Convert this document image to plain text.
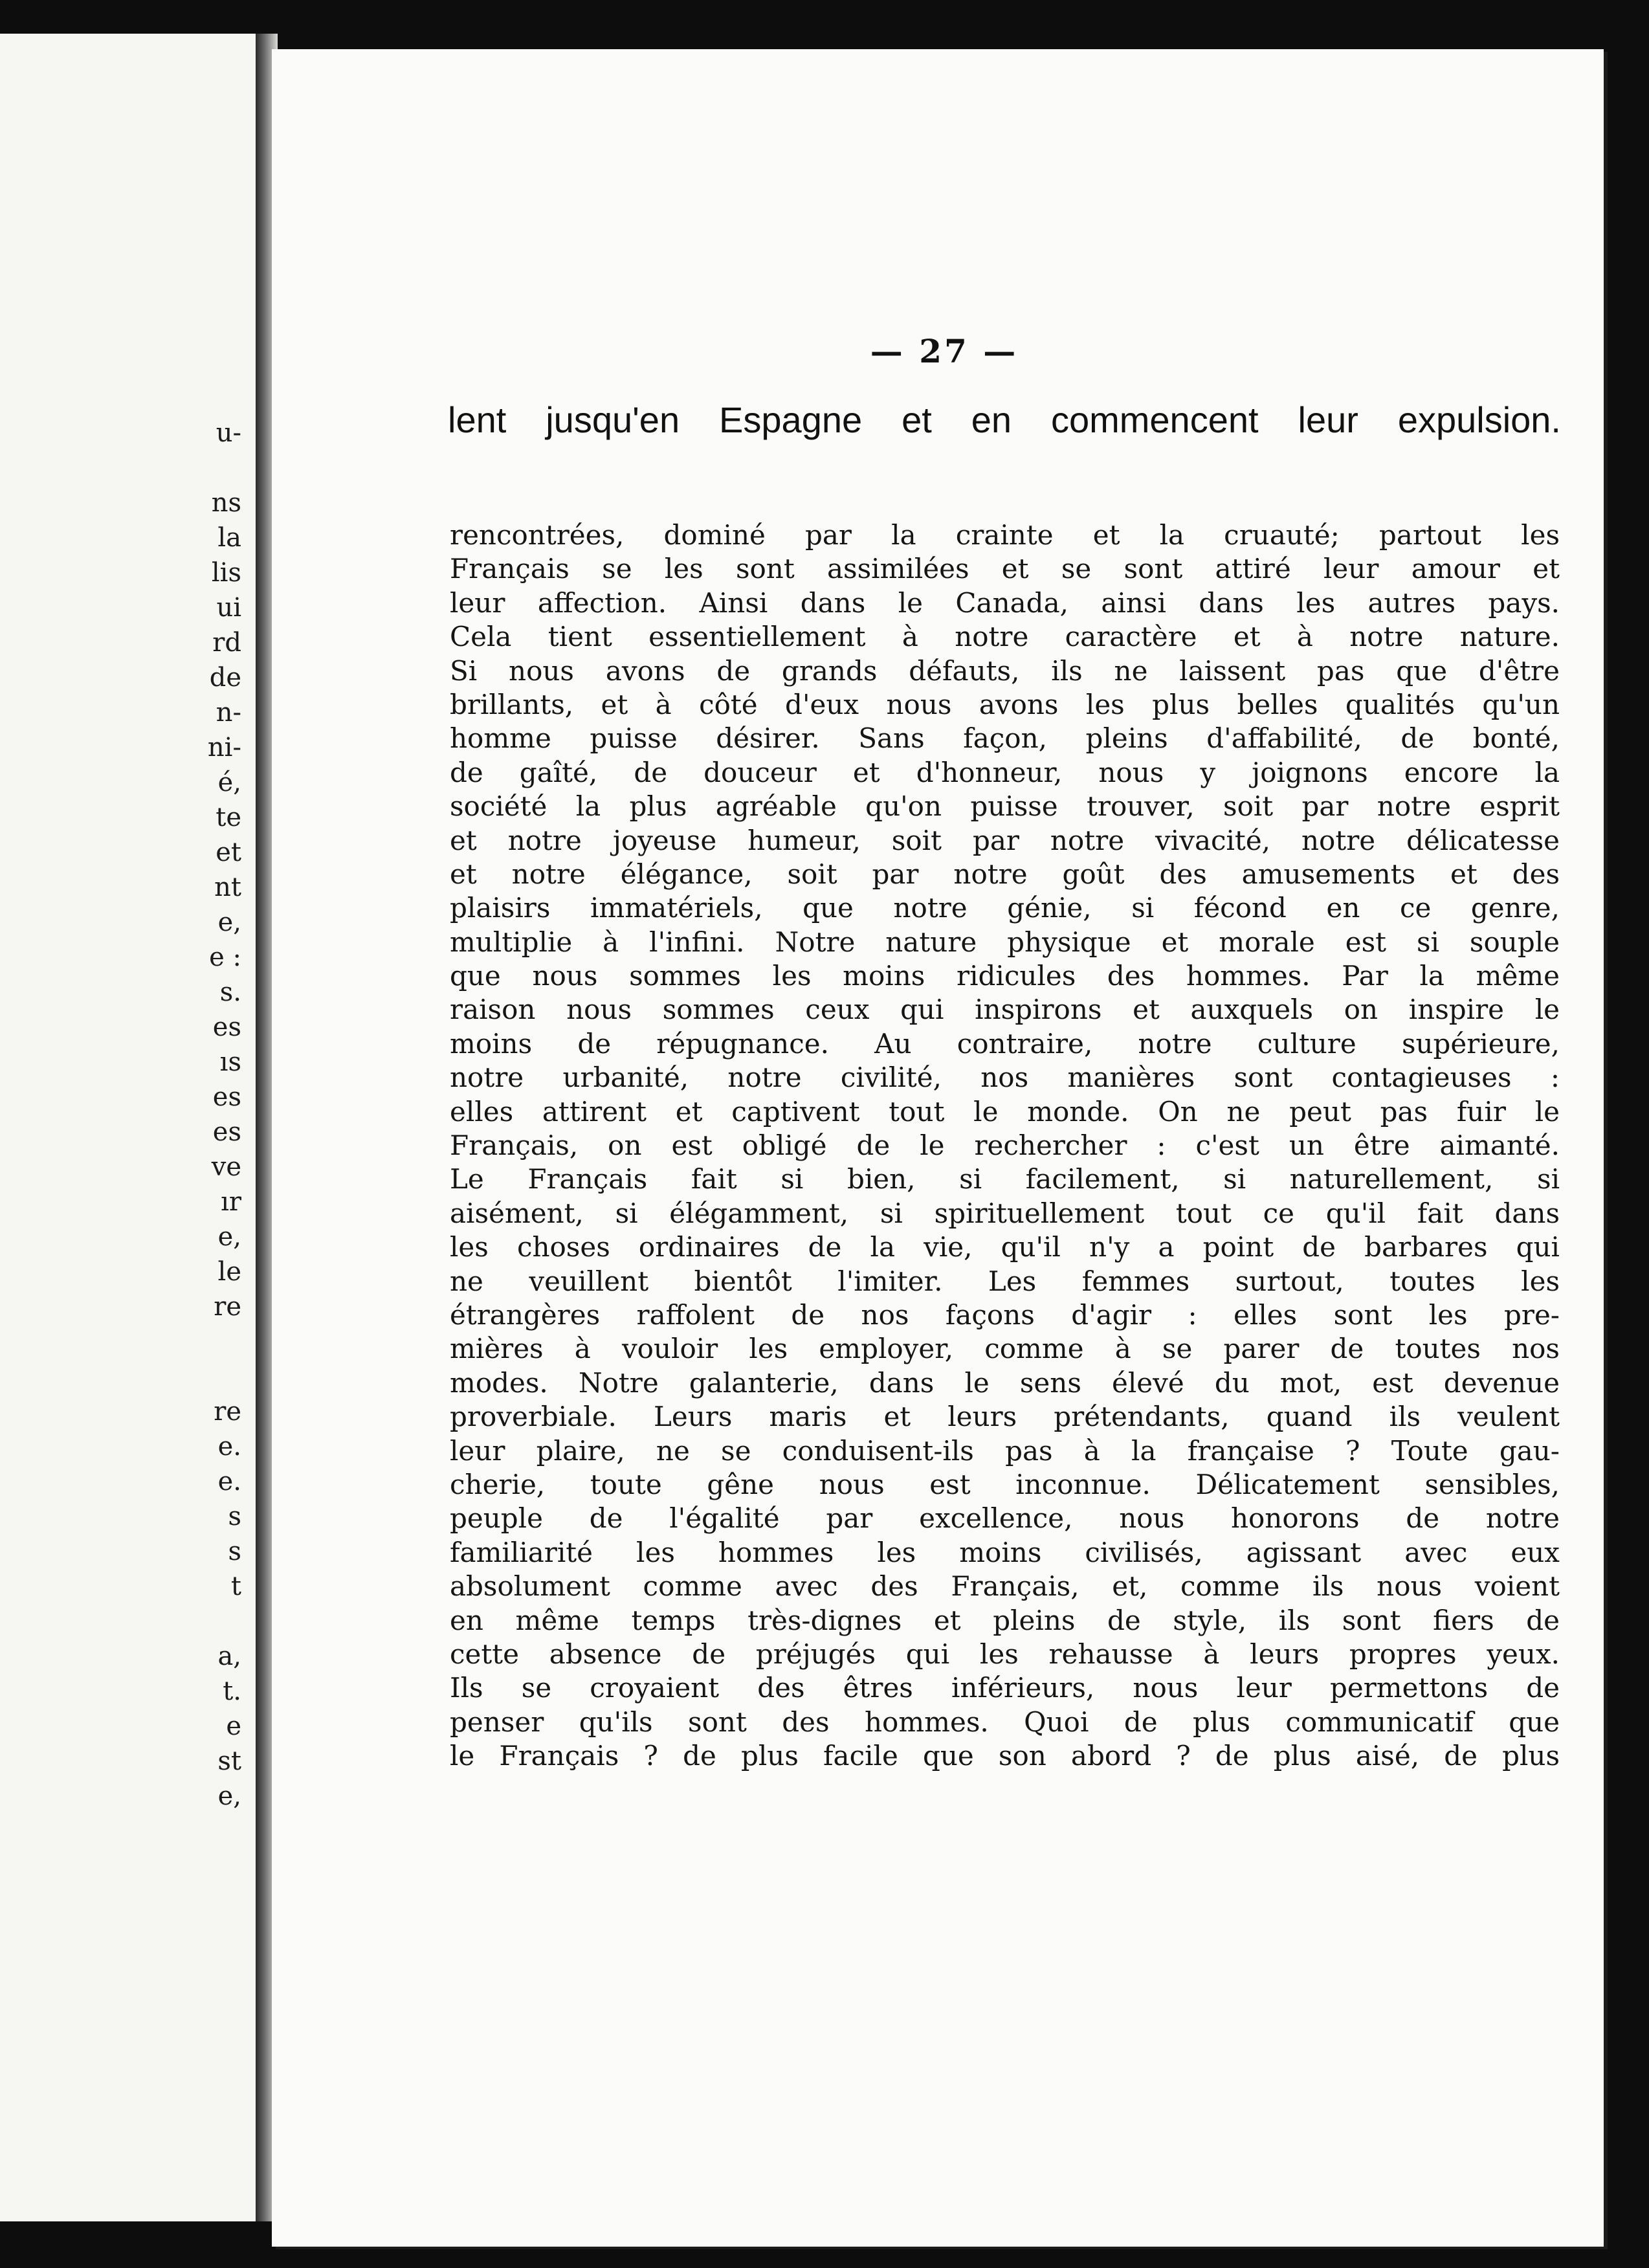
u-
ns
la
lis
ui
rd
de
n-
ni-
é,
te
et
nt
e,
e :
s.
es
ıs
es
es
ve
ır
e,
le
re
re
e.
e.
s
s
t
a,
t.
e
st
e,
— 27 —
lent jusqu'en Espagne et en commencent leur expulsion.
rencontrées, dominé par la crainte et la cruauté; partout les
Français se les sont assimilées et se sont attiré leur amour et
leur affection. Ainsi dans le Canada, ainsi dans les autres pays.
Cela tient essentiellement à notre caractère et à notre nature.
Si nous avons de grands défauts, ils ne laissent pas que d'être
brillants, et à côté d'eux nous avons les plus belles qualités qu'un
homme puisse désirer. Sans façon, pleins d'affabilité, de bonté,
de gaîté, de douceur et d'honneur, nous y joignons encore la
société la plus agréable qu'on puisse trouver, soit par notre esprit
et notre joyeuse humeur, soit par notre vivacité, notre délicatesse
et notre élégance, soit par notre goût des amusements et des
plaisirs immatériels, que notre génie, si fécond en ce genre,
multiplie à l'infini. Notre nature physique et morale est si souple
que nous sommes les moins ridicules des hommes. Par la même
raison nous sommes ceux qui inspirons et auxquels on inspire le
moins de répugnance. Au contraire, notre culture supérieure,
notre urbanité, notre civilité, nos manières sont contagieuses :
elles attirent et captivent tout le monde. On ne peut pas fuir le
Français, on est obligé de le rechercher : c'est un être aimanté.
Le Français fait si bien, si facilement, si naturellement, si
aisément, si élégamment, si spirituellement tout ce qu'il fait dans
les choses ordinaires de la vie, qu'il n'y a point de barbares qui
ne veuillent bientôt l'imiter. Les femmes surtout, toutes les
étrangères raffolent de nos façons d'agir : elles sont les pre-
mières à vouloir les employer, comme à se parer de toutes nos
modes. Notre galanterie, dans le sens élevé du mot, est devenue
proverbiale. Leurs maris et leurs prétendants, quand ils veulent
leur plaire, ne se conduisent-ils pas à la française ? Toute gau-
cherie, toute gêne nous est inconnue. Délicatement sensibles,
peuple de l'égalité par excellence, nous honorons de notre
familiarité les hommes les moins civilisés, agissant avec eux
absolument comme avec des Français, et, comme ils nous voient
en même temps très-dignes et pleins de style, ils sont fiers de
cette absence de préjugés qui les rehausse à leurs propres yeux.
Ils se croyaient des êtres inférieurs, nous leur permettons de
penser qu'ils sont des hommes. Quoi de plus communicatif que
le Français ? de plus facile que son abord ? de plus aisé, de plus
